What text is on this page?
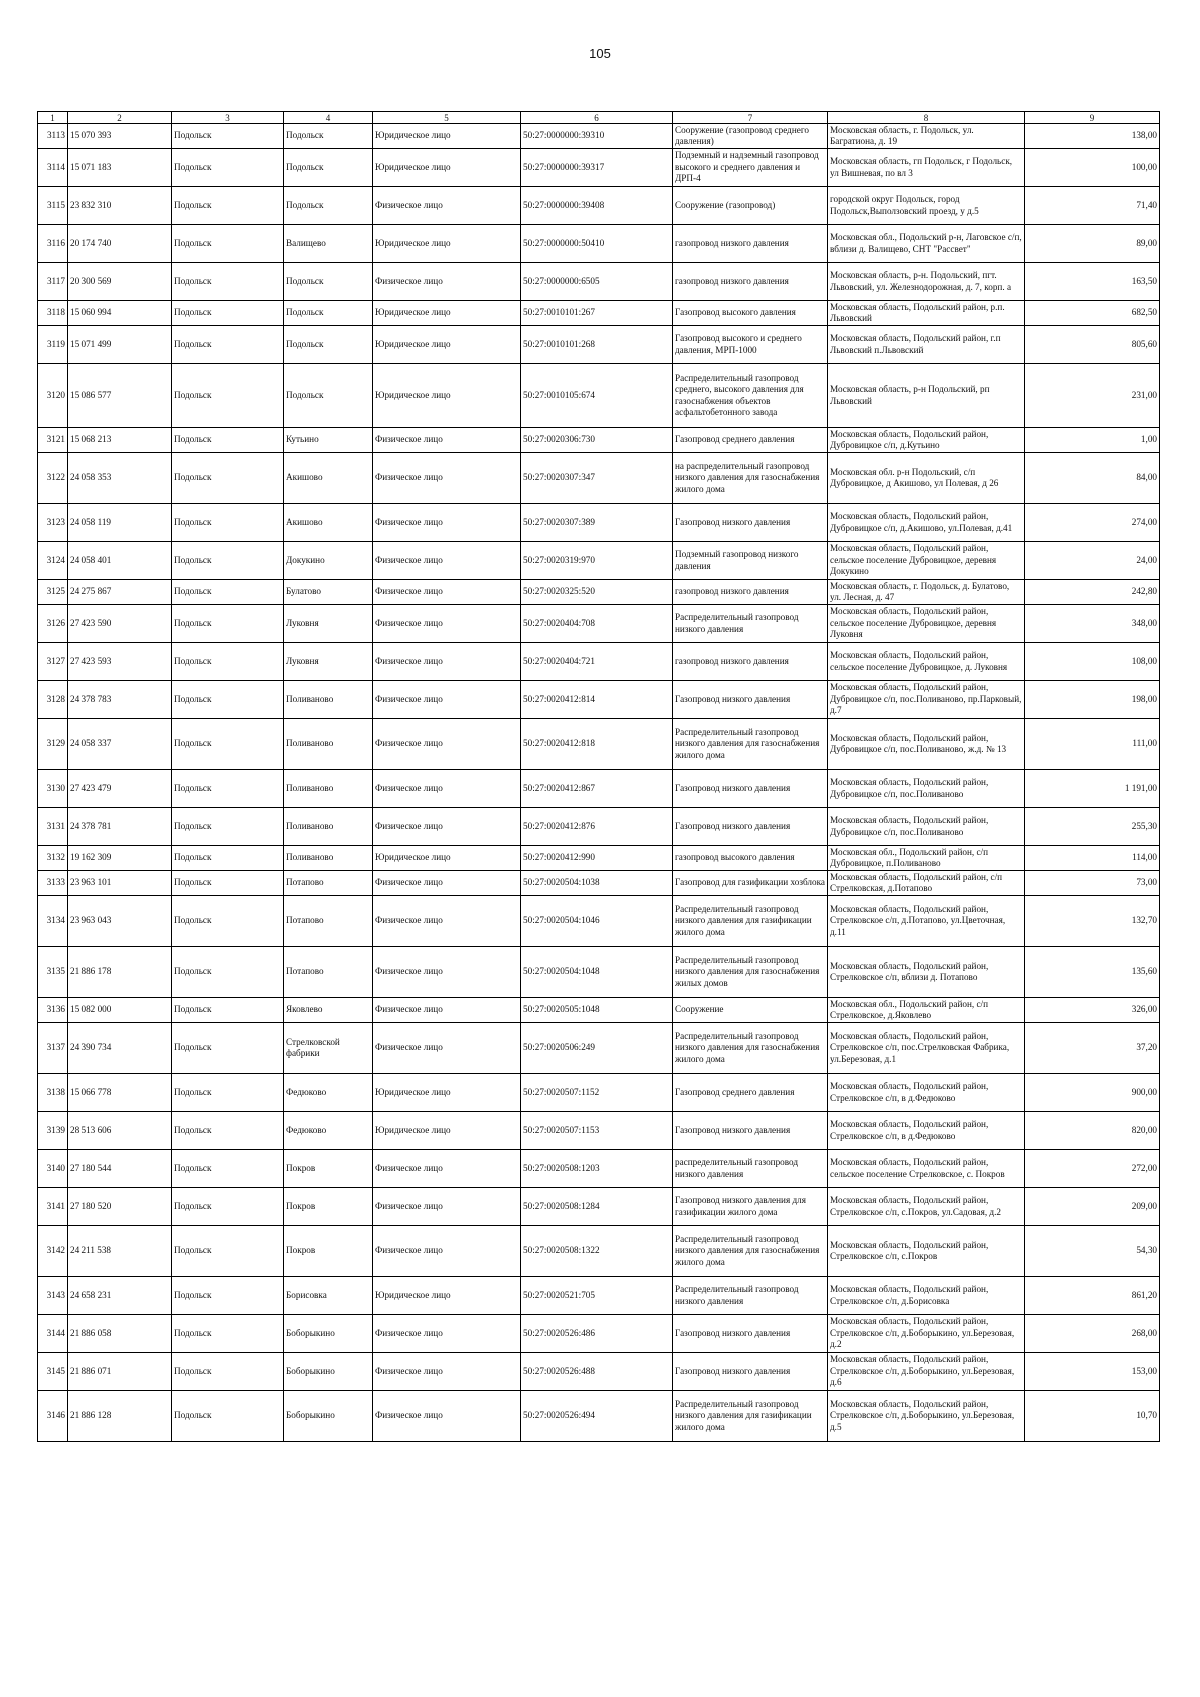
105
1	2	3	4	5	6	7	8	9
3113	15 070 393	Подольск	Подольск	Юридическое лицо	50:27:0000000:39310	Сооружение (газопровод среднего давления)	Московская область, г. Подольск, ул. Багратиона, д. 19	138,00
3114	15 071 183	Подольск	Подольск	Юридическое лицо	50:27:0000000:39317	Подземный и надземный газопровод высокого и среднего давления и ДРП-4	Московская область, гп Подольск, г Подольск, ул Вишневая, по вл 3	100,00
3115	23 832 310	Подольск	Подольск	Физическое лицо	50:27:0000000:39408	Сооружение (газопровод)	городской округ Подольск, город Подольск,Выползовский проезд, у д.5	71,40
3116	20 174 740	Подольск	Валищево	Юридическое лицо	50:27:0000000:50410	газопровод низкого давления	Московская обл., Подольский р-н, Лаговское с/п, вблизи д. Валищево, СНТ "Рассвет"	89,00
3117	20 300 569	Подольск	Подольск	Физическое лицо	50:27:0000000:6505	газопровод низкого давления	Московская область, р-н. Подольский, пгт. Львовский, ул. Железнодорожная, д. 7, корп. а	163,50
3118	15 060 994	Подольск	Подольск	Юридическое лицо	50:27:0010101:267	Газопровод высокого давления	Московская область, Подольский район, р.п. Львовский	682,50
3119	15 071 499	Подольск	Подольск	Юридическое лицо	50:27:0010101:268	Газопровод высокого и среднего давления, МРП-1000	Московская область, Подольский район, г.п Львовский п.Львовский	805,60
3120	15 086 577	Подольск	Подольск	Юридическое лицо	50:27:0010105:674	Распределительный газопровод среднего, высокого давления для газоснабжения объектов асфальтобетонного завода	Московская область, р-н Подольский, рп Львовский	231,00
3121	15 068 213	Подольск	Кутьино	Физическое лицо	50:27:0020306:730	Газопровод среднего давления	Московская область, Подольский район, Дубровицкое с/п, д.Кутьино	1,00
3122	24 058 353	Подольск	Акишово	Физическое лицо	50:27:0020307:347	на распределительный газопровод низкого давления для газоснабжения жилого дома	Московская обл. р-н Подольский, с/п Дубровицкое, д Акишово, ул Полевая, д 26	84,00
3123	24 058 119	Подольск	Акишово	Физическое лицо	50:27:0020307:389	Газопровод низкого давления	Московская область, Подольский район, Дубровицкое с/п, д.Акишово, ул.Полевая, д.41	274,00
3124	24 058 401	Подольск	Докукино	Физическое лицо	50:27:0020319:970	Подземный газопровод низкого давления	Московская область, Подольский район, сельское поселение Дубровицкое, деревня Докукино	24,00
3125	24 275 867	Подольск	Булатово	Физическое лицо	50:27:0020325:520	газопровод низкого давления	Московская область, г. Подольск, д. Булатово, ул. Лесная, д. 47	242,80
3126	27 423 590	Подольск	Луковня	Физическое лицо	50:27:0020404:708	Распределительный газопровод низкого давления	Московская область, Подольский район, сельское поселение Дубровицкое, деревня Луковня	348,00
3127	27 423 593	Подольск	Луковня	Физическое лицо	50:27:0020404:721	газопровод низкого давления	Московская область, Подольский район, сельское поселение Дубровицкое, д. Луковня	108,00
3128	24 378 783	Подольск	Поливаново	Физическое лицо	50:27:0020412:814	Газопровод низкого давления	Московская область, Подольский район, Дубровицкое с/п, пос.Поливаново, пр.Парковый, д.7	198,00
3129	24 058 337	Подольск	Поливаново	Физическое лицо	50:27:0020412:818	Распределительный газопровод низкого давления для газоснабжения жилого дома	Московская область, Подольский район, Дубровицкое с/п, пос.Поливаново, ж.д. № 13	111,00
3130	27 423 479	Подольск	Поливаново	Физическое лицо	50:27:0020412:867	Газопровод низкого давления	Московская область, Подольский район, Дубровицкое с/п, пос.Поливаново	1 191,00
3131	24 378 781	Подольск	Поливаново	Физическое лицо	50:27:0020412:876	Газопровод низкого давления	Московская область, Подольский район, Дубровицкое с/п, пос.Поливаново	255,30
3132	19 162 309	Подольск	Поливаново	Юридическое лицо	50:27:0020412:990	газопровод высокого давления	Московская обл., Подольский район, с/п Дубровицкое, п.Поливаново	114,00
3133	23 963 101	Подольск	Потапово	Физическое лицо	50:27:0020504:1038	Газопровод для газификации хозблока	Московская область, Подольский район, с/п Стрелковская, д.Потапово	73,00
3134	23 963 043	Подольск	Потапово	Физическое лицо	50:27:0020504:1046	Распределительный газопровод низкого давления для газификации жилого дома	Московская область, Подольский район, Стрелковское с/п, д.Потапово, ул.Цветочная, д.11	132,70
3135	21 886 178	Подольск	Потапово	Физическое лицо	50:27:0020504:1048	Распределительный газопровод низкого давления для газоснабжения жилых домов	Московская область, Подольский район, Стрелковское с/п, вблизи д. Потапово	135,60
3136	15 082 000	Подольск	Яковлево	Физическое лицо	50:27:0020505:1048	Сооружение	Московская обл., Подольский район, с/п Стрелковское, д.Яковлево	326,00
3137	24 390 734	Подольск	Стрелковской фабрики	Физическое лицо	50:27:0020506:249	Распределительный газопровод низкого давления для газоснабжения жилого дома	Московская область, Подольский район, Стрелковское с/п, пос.Стрелковская Фабрика, ул.Березовая, д.1	37,20
3138	15 066 778	Подольск	Федюково	Юридическое лицо	50:27:0020507:1152	Газопровод среднего давления	Московская область, Подольский район, Стрелковское с/п, в д.Федюково	900,00
3139	28 513 606	Подольск	Федюково	Юридическое лицо	50:27:0020507:1153	Газопровод низкого давления	Московская область, Подольский район, Стрелковское с/п, в д.Федюково	820,00
3140	27 180 544	Подольск	Покров	Физическое лицо	50:27:0020508:1203	распределительный газопровод низкого давления	Московская область, Подольский район, сельское поселение Стрелковское, с. Покров	272,00
3141	27 180 520	Подольск	Покров	Физическое лицо	50:27:0020508:1284	Газопровод низкого давления для газификации жилого дома	Московская область, Подольский район, Стрелковское с/п, с.Покров, ул.Садовая, д.2	209,00
3142	24 211 538	Подольск	Покров	Физическое лицо	50:27:0020508:1322	Распределительный газопровод низкого давления для газоснабжения жилого дома	Московская область, Подольский район, Стрелковское с/п, с.Покров	54,30
3143	24 658 231	Подольск	Борисовка	Юридическое лицо	50:27:0020521:705	Распределительный газопровод низкого давления	Московская область, Подольский район, Стрелковское с/п, д.Борисовка	861,20
3144	21 886 058	Подольск	Боборыкино	Физическое лицо	50:27:0020526:486	Газопровод низкого давления	Московская область, Подольский район, Стрелковское с/п, д.Боборыкино, ул.Березовая, д.2	268,00
3145	21 886 071	Подольск	Боборыкино	Физическое лицо	50:27:0020526:488	Газопровод низкого давления	Московская область, Подольский район, Стрелковское с/п, д.Боборыкино, ул.Березовая, д.6	153,00
3146	21 886 128	Подольск	Боборыкино	Физическое лицо	50:27:0020526:494	Распределительный газопровод низкого давления для газификации жилого дома	Московская область, Подольский район, Стрелковское с/п, д.Боборыкино, ул.Березовая, д.5	10,70
